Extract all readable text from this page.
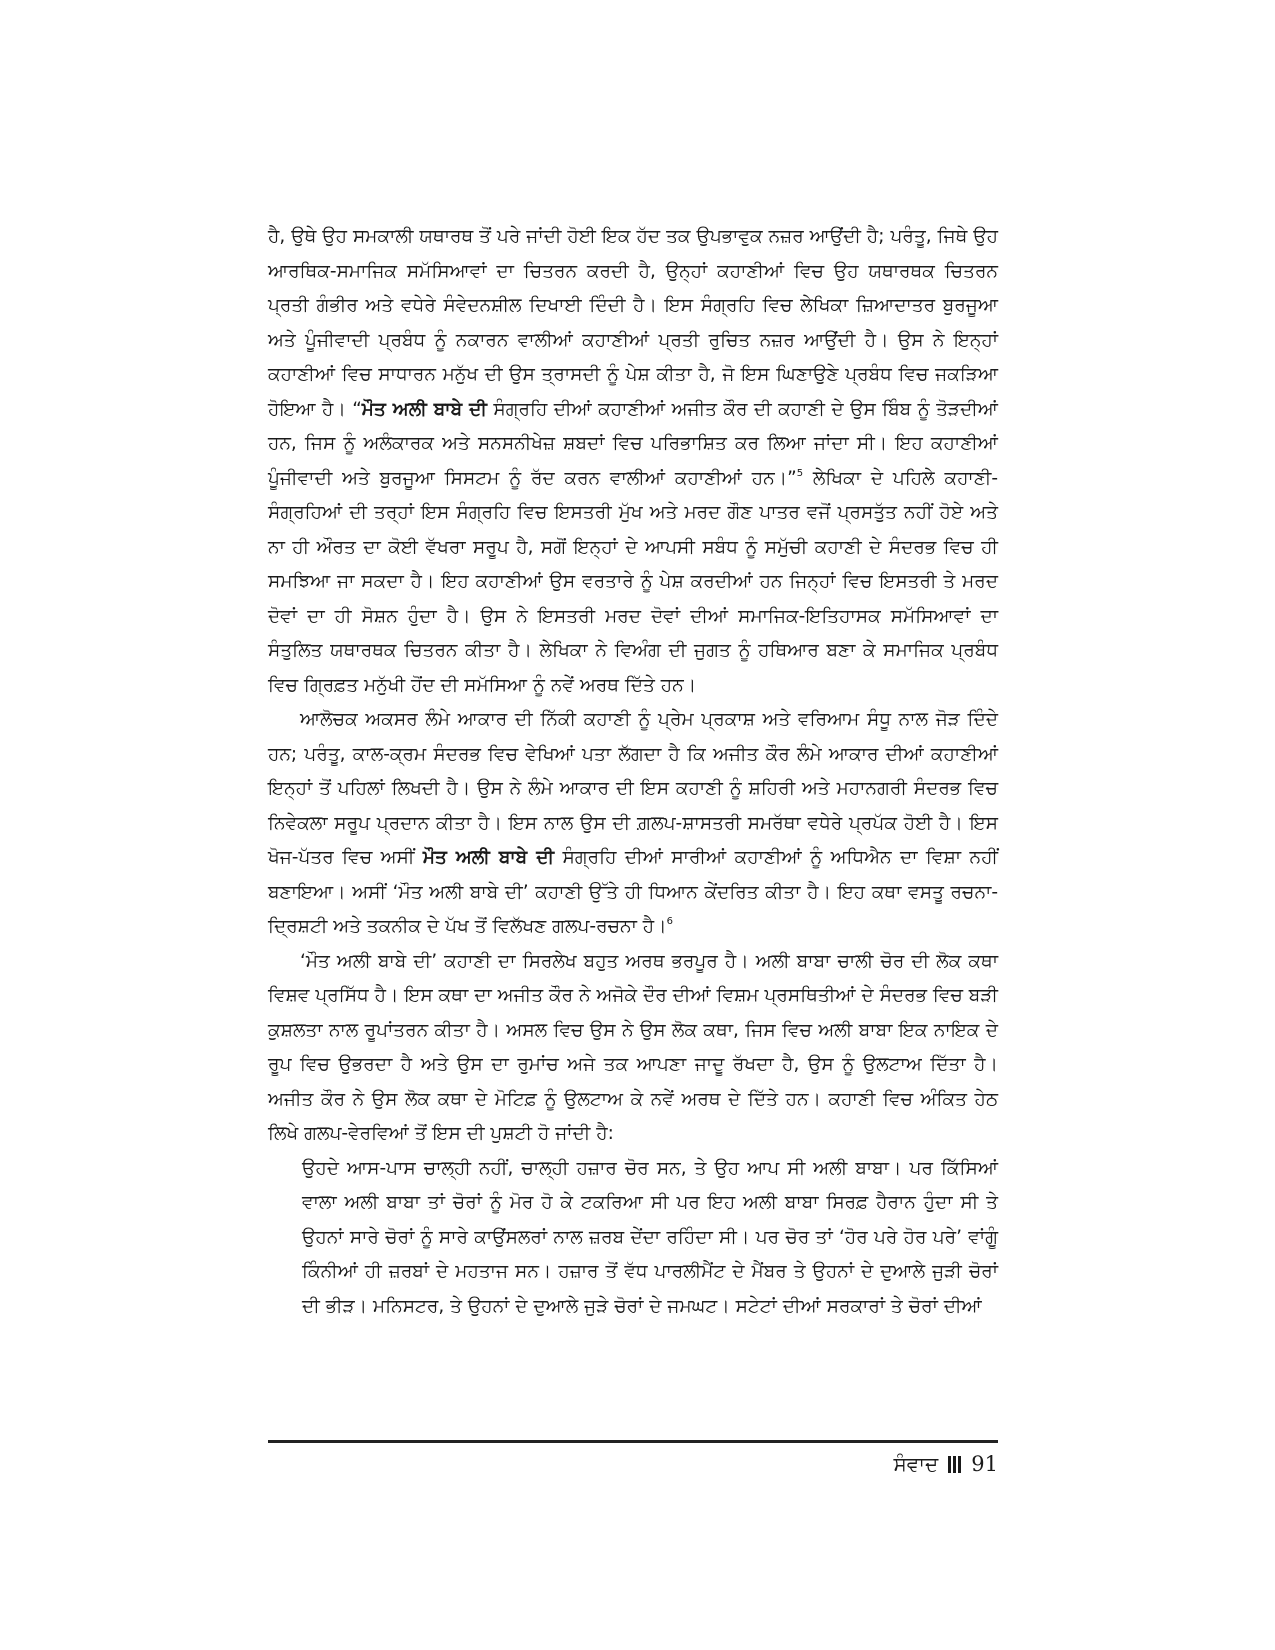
ਹੈ, ਉਥੇ ਉਹ ਸਮਕਾਲੀ ਯਥਾਰਥ ਤੋਂ ਪਰੇ ਜਾਂਦੀ ਹੋਈ ਇਕ ਹੱਦ ਤਕ ਉਪਭਾਵੁਕ ਨਜ਼ਰ ਆਉਂਦੀ ਹੈ; ਪਰੰਤੂ, ਜਿਥੇ ਉਹ ਆਰਥਿਕ-ਸਮਾਜਿਕ ਸਮੱਸਿਆਵਾਂ ਦਾ ਚਿਤਰਨ ਕਰਦੀ ਹੈ, ਉਨ੍ਹਾਂ ਕਹਾਣੀਆਂ ਵਿਚ ਉਹ ਯਥਾਰਥਕ ਚਿਤਰਨ ਪ੍ਰਤੀ ਗੰਭੀਰ ਅਤੇ ਵਧੇਰੇ ਸੰਵੇਦਨਸ਼ੀਲ ਦਿਖਾਈ ਦਿੰਦੀ ਹੈ। ਇਸ ਸੰਗ੍ਰਹਿ ਵਿਚ ਲੇਖਿਕਾ ਜ਼ਿਆਦਾਤਰ ਬੁਰਜੂਆ ਅਤੇ ਪੂੰਜੀਵਾਦੀ ਪ੍ਰਬੰਧ ਨੂੰ ਨਕਾਰਨ ਵਾਲੀਆਂ ਕਹਾਣੀਆਂ ਪ੍ਰਤੀ ਰੁਚਿਤ ਨਜ਼ਰ ਆਉਂਦੀ ਹੈ। ਉਸ ਨੇ ਇਨ੍ਹਾਂ ਕਹਾਣੀਆਂ ਵਿਚ ਸਾਧਾਰਨ ਮਨੁੱਖ ਦੀ ਉਸ ਤ੍ਰਾਸਦੀ ਨੂੰ ਪੇਸ਼ ਕੀਤਾ ਹੈ, ਜੋ ਇਸ ਘਿਣਾਉਣੇ ਪ੍ਰਬੰਧ ਵਿਚ ਜਕੜਿਆ ਹੋਇਆ ਹੈ। “ਮੌਤ ਅਲੀ ਬਾਬੇ ਦੀ ਸੰਗ੍ਰਹਿ ਦੀਆਂ ਕਹਾਣੀਆਂ ਅਜੀਤ ਕੌਰ ਦੀ ਕਹਾਣੀ ਦੇ ਉਸ ਬਿੰਬ ਨੂੰ ਤੋੜਦੀਆਂ ਹਨ, ਜਿਸ ਨੂੰ ਅਲੰਕਾਰਕ ਅਤੇ ਸਨਸਨੀਖੇਜ਼ ਸ਼ਬਦਾਂ ਵਿਚ ਪਰਿਭਾਸ਼ਿਤ ਕਰ ਲਿਆ ਜਾਂਦਾ ਸੀ। ਇਹ ਕਹਾਣੀਆਂ ਪੂੰਜੀਵਾਦੀ ਅਤੇ ਬੁਰਜੂਆ ਸਿਸਟਮ ਨੂੰ ਰੱਦ ਕਰਨ ਵਾਲੀਆਂ ਕਹਾਣੀਆਂ ਹਨ।”$^5$ ਲੇਖਿਕਾ ਦੇ ਪਹਿਲੇ ਕਹਾਣੀ-ਸੰਗ੍ਰਹਿਆਂ ਦੀ ਤਰ੍ਹਾਂ ਇਸ ਸੰਗ੍ਰਹਿ ਵਿਚ ਇਸਤਰੀ ਮੁੱਖ ਅਤੇ ਮਰਦ ਗੌਣ ਪਾਤਰ ਵਜੋਂ ਪ੍ਰਸਤੁੱਤ ਨਹੀਂ ਹੋਏ ਅਤੇ ਨਾ ਹੀ ਔਰਤ ਦਾ ਕੋਈ ਵੱਖਰਾ ਸਰੂਪ ਹੈ, ਸਗੋਂ ਇਨ੍ਹਾਂ ਦੇ ਆਪਸੀ ਸਬੰਧ ਨੂੰ ਸਮੁੱਚੀ ਕਹਾਣੀ ਦੇ ਸੰਦਰਭ ਵਿਚ ਹੀ ਸਮਝਿਆ ਜਾ ਸਕਦਾ ਹੈ। ਇਹ ਕਹਾਣੀਆਂ ਉਸ ਵਰਤਾਰੇ ਨੂੰ ਪੇਸ਼ ਕਰਦੀਆਂ ਹਨ ਜਿਨ੍ਹਾਂ ਵਿਚ ਇਸਤਰੀ ਤੇ ਮਰਦ ਦੋਵਾਂ ਦਾ ਹੀ ਸੋਸ਼ਨ ਹੁੰਦਾ ਹੈ। ਉਸ ਨੇ ਇਸਤਰੀ ਮਰਦ ਦੋਵਾਂ ਦੀਆਂ ਸਮਾਜਿਕ-ਇਤਿਹਾਸਕ ਸਮੱਸਿਆਵਾਂ ਦਾ ਸੰਤੁਲਿਤ ਯਥਾਰਥਕ ਚਿਤਰਨ ਕੀਤਾ ਹੈ। ਲੇਖਿਕਾ ਨੇ ਵਿਅੰਗ ਦੀ ਜੁਗਤ ਨੂੰ ਹਥਿਆਰ ਬਣਾ ਕੇ ਸਮਾਜਿਕ ਪ੍ਰਬੰਧ ਵਿਚ ਗ੍ਰਿਫ਼ਤ ਮਨੁੱਖੀ ਹੋਂਦ ਦੀ ਸਮੱਸਿਆ ਨੂੰ ਨਵੇਂ ਅਰਥ ਦਿੱਤੇ ਹਨ।

ਆਲੋਚਕ ਅਕਸਰ ਲੰਮੇ ਆਕਾਰ ਦੀ ਨਿੱਕੀ ਕਹਾਣੀ ਨੂੰ ਪ੍ਰੇਮ ਪ੍ਰਕਾਸ਼ ਅਤੇ ਵਰਿਆਮ ਸੰਧੂ ਨਾਲ ਜੋੜ ਦਿੰਦੇ ਹਨ; ਪਰੰਤੂ, ਕਾਲ-ਕ੍ਰਮ ਸੰਦਰਭ ਵਿਚ ਵੇਖਿਆਂ ਪਤਾ ਲੱਗਦਾ ਹੈ ਕਿ ਅਜੀਤ ਕੌਰ ਲੰਮੇ ਆਕਾਰ ਦੀਆਂ ਕਹਾਣੀਆਂ ਇਨ੍ਹਾਂ ਤੋਂ ਪਹਿਲਾਂ ਲਿਖਦੀ ਹੈ। ਉਸ ਨੇ ਲੰਮੇ ਆਕਾਰ ਦੀ ਇਸ ਕਹਾਣੀ ਨੂੰ ਸ਼ਹਿਰੀ ਅਤੇ ਮਹਾਨਗਰੀ ਸੰਦਰਭ ਵਿਚ ਨਿਵੇਕਲਾ ਸਰੂਪ ਪ੍ਰਦਾਨ ਕੀਤਾ ਹੈ। ਇਸ ਨਾਲ ਉਸ ਦੀ ਗ਼ਲਪ-ਸ਼ਾਸਤਰੀ ਸਮਰੱਥਾ ਵਧੇਰੇ ਪ੍ਰਪੱਕ ਹੋਈ ਹੈ। ਇਸ ਖੋਜ-ਪੱਤਰ ਵਿਚ ਅਸੀਂ ਮੌਤ ਅਲੀ ਬਾਬੇ ਦੀ ਸੰਗ੍ਰਹਿ ਦੀਆਂ ਸਾਰੀਆਂ ਕਹਾਣੀਆਂ ਨੂੰ ਅਧਿਐਨ ਦਾ ਵਿਸ਼ਾ ਨਹੀਂ ਬਣਾਇਆ। ਅਸੀਂ ‘ਮੌਤ ਅਲੀ ਬਾਬੇ ਦੀ’ ਕਹਾਣੀ ਉੱਤੇ ਹੀ ਧਿਆਨ ਕੇਂਦਰਿਤ ਕੀਤਾ ਹੈ। ਇਹ ਕਥਾ ਵਸਤੂ ਰਚਨਾ-ਦ੍ਰਿਸ਼ਟੀ ਅਤੇ ਤਕਨੀਕ ਦੇ ਪੱਖ ਤੋਂ ਵਿਲੱਖਣ ਗਲਪ-ਰਚਨਾ ਹੈ।$^6$

‘ਮੌਤ ਅਲੀ ਬਾਬੇ ਦੀ’ ਕਹਾਣੀ ਦਾ ਸਿਰਲੇਖ ਬਹੁਤ ਅਰਥ ਭਰਪੂਰ ਹੈ। ਅਲੀ ਬਾਬਾ ਚਾਲੀ ਚੋਰ ਦੀ ਲੋਕ ਕਥਾ ਵਿਸ਼ਵ ਪ੍ਰਸਿੱਧ ਹੈ। ਇਸ ਕਥਾ ਦਾ ਅਜੀਤ ਕੌਰ ਨੇ ਅਜੋਕੇ ਦੌਰ ਦੀਆਂ ਵਿਸ਼ਮ ਪ੍ਰਸਥਿਤੀਆਂ ਦੇ ਸੰਦਰਭ ਵਿਚ ਬੜੀ ਕੁਸ਼ਲਤਾ ਨਾਲ ਰੂਪਾਂਤਰਨ ਕੀਤਾ ਹੈ। ਅਸਲ ਵਿਚ ਉਸ ਨੇ ਉਸ ਲੋਕ ਕਥਾ, ਜਿਸ ਵਿਚ ਅਲੀ ਬਾਬਾ ਇਕ ਨਾਇਕ ਦੇ ਰੂਪ ਵਿਚ ਉਭਰਦਾ ਹੈ ਅਤੇ ਉਸ ਦਾ ਰੁਮਾਂਚ ਅਜੇ ਤਕ ਆਪਣਾ ਜਾਦੂ ਰੱਖਦਾ ਹੈ, ਉਸ ਨੂੰ ਉਲਟਾਅ ਦਿੱਤਾ ਹੈ। ਅਜੀਤ ਕੌਰ ਨੇ ਉਸ ਲੋਕ ਕਥਾ ਦੇ ਮੋਟਿਫ਼ ਨੂੰ ਉਲਟਾਅ ਕੇ ਨਵੇਂ ਅਰਥ ਦੇ ਦਿੱਤੇ ਹਨ। ਕਹਾਣੀ ਵਿਚ ਅੰਕਿਤ ਹੇਠ ਲਿਖੇ ਗਲਪ-ਵੇਰਵਿਆਂ ਤੋਂ ਇਸ ਦੀ ਪੁਸ਼ਟੀ ਹੋ ਜਾਂਦੀ ਹੈ:

ਉਹਦੇ ਆਸ-ਪਾਸ ਚਾਲ੍ਹੀ ਨਹੀਂ, ਚਾਲ੍ਹੀ ਹਜ਼ਾਰ ਚੋਰ ਸਨ, ਤੇ ਉਹ ਆਪ ਸੀ ਅਲੀ ਬਾਬਾ। ਪਰ ਕਿੱਸਿਆਂ ਵਾਲਾ ਅਲੀ ਬਾਬਾ ਤਾਂ ਚੋਰਾਂ ਨੂੰ ਮੋਰ ਹੋ ਕੇ ਟਕਰਿਆ ਸੀ ਪਰ ਇਹ ਅਲੀ ਬਾਬਾ ਸਿਰਫ਼ ਹੈਰਾਨ ਹੁੰਦਾ ਸੀ ਤੇ ਉਹਨਾਂ ਸਾਰੇ ਚੋਰਾਂ ਨੂੰ ਸਾਰੇ ਕਾਉਂਸਲਰਾਂ ਨਾਲ ਜ਼ਰਬ ਦੇਂਦਾ ਰਹਿੰਦਾ ਸੀ। ਪਰ ਚੋਰ ਤਾਂ ‘ਹੋਰ ਪਰੇ ਹੋਰ ਪਰੇ’ ਵਾਂਗੂੰ ਕਿੰਨੀਆਂ ਹੀ ਜ਼ਰਬਾਂ ਦੇ ਮਹਤਾਜ ਸਨ। ਹਜ਼ਾਰ ਤੋਂ ਵੱਧ ਪਾਰਲੀਮੈਂਟ ਦੇ ਮੈਂਬਰ ਤੇ ਉਹਨਾਂ ਦੇ ਦੁਆਲੇ ਜੁੜੀ ਚੋਰਾਂ ਦੀ ਭੀੜ। ਮਨਿਸਟਰ, ਤੇ ਉਹਨਾਂ ਦੇ ਦੁਆਲੇ ਜੁੜੇ ਚੋਰਾਂ ਦੇ ਜਮਘਟ। ਸਟੇਟਾਂ ਦੀਆਂ ਸਰਕਾਰਾਂ ਤੇ ਚੋਰਾਂ ਦੀਆਂ

ਸੰਵਾਦ 91
